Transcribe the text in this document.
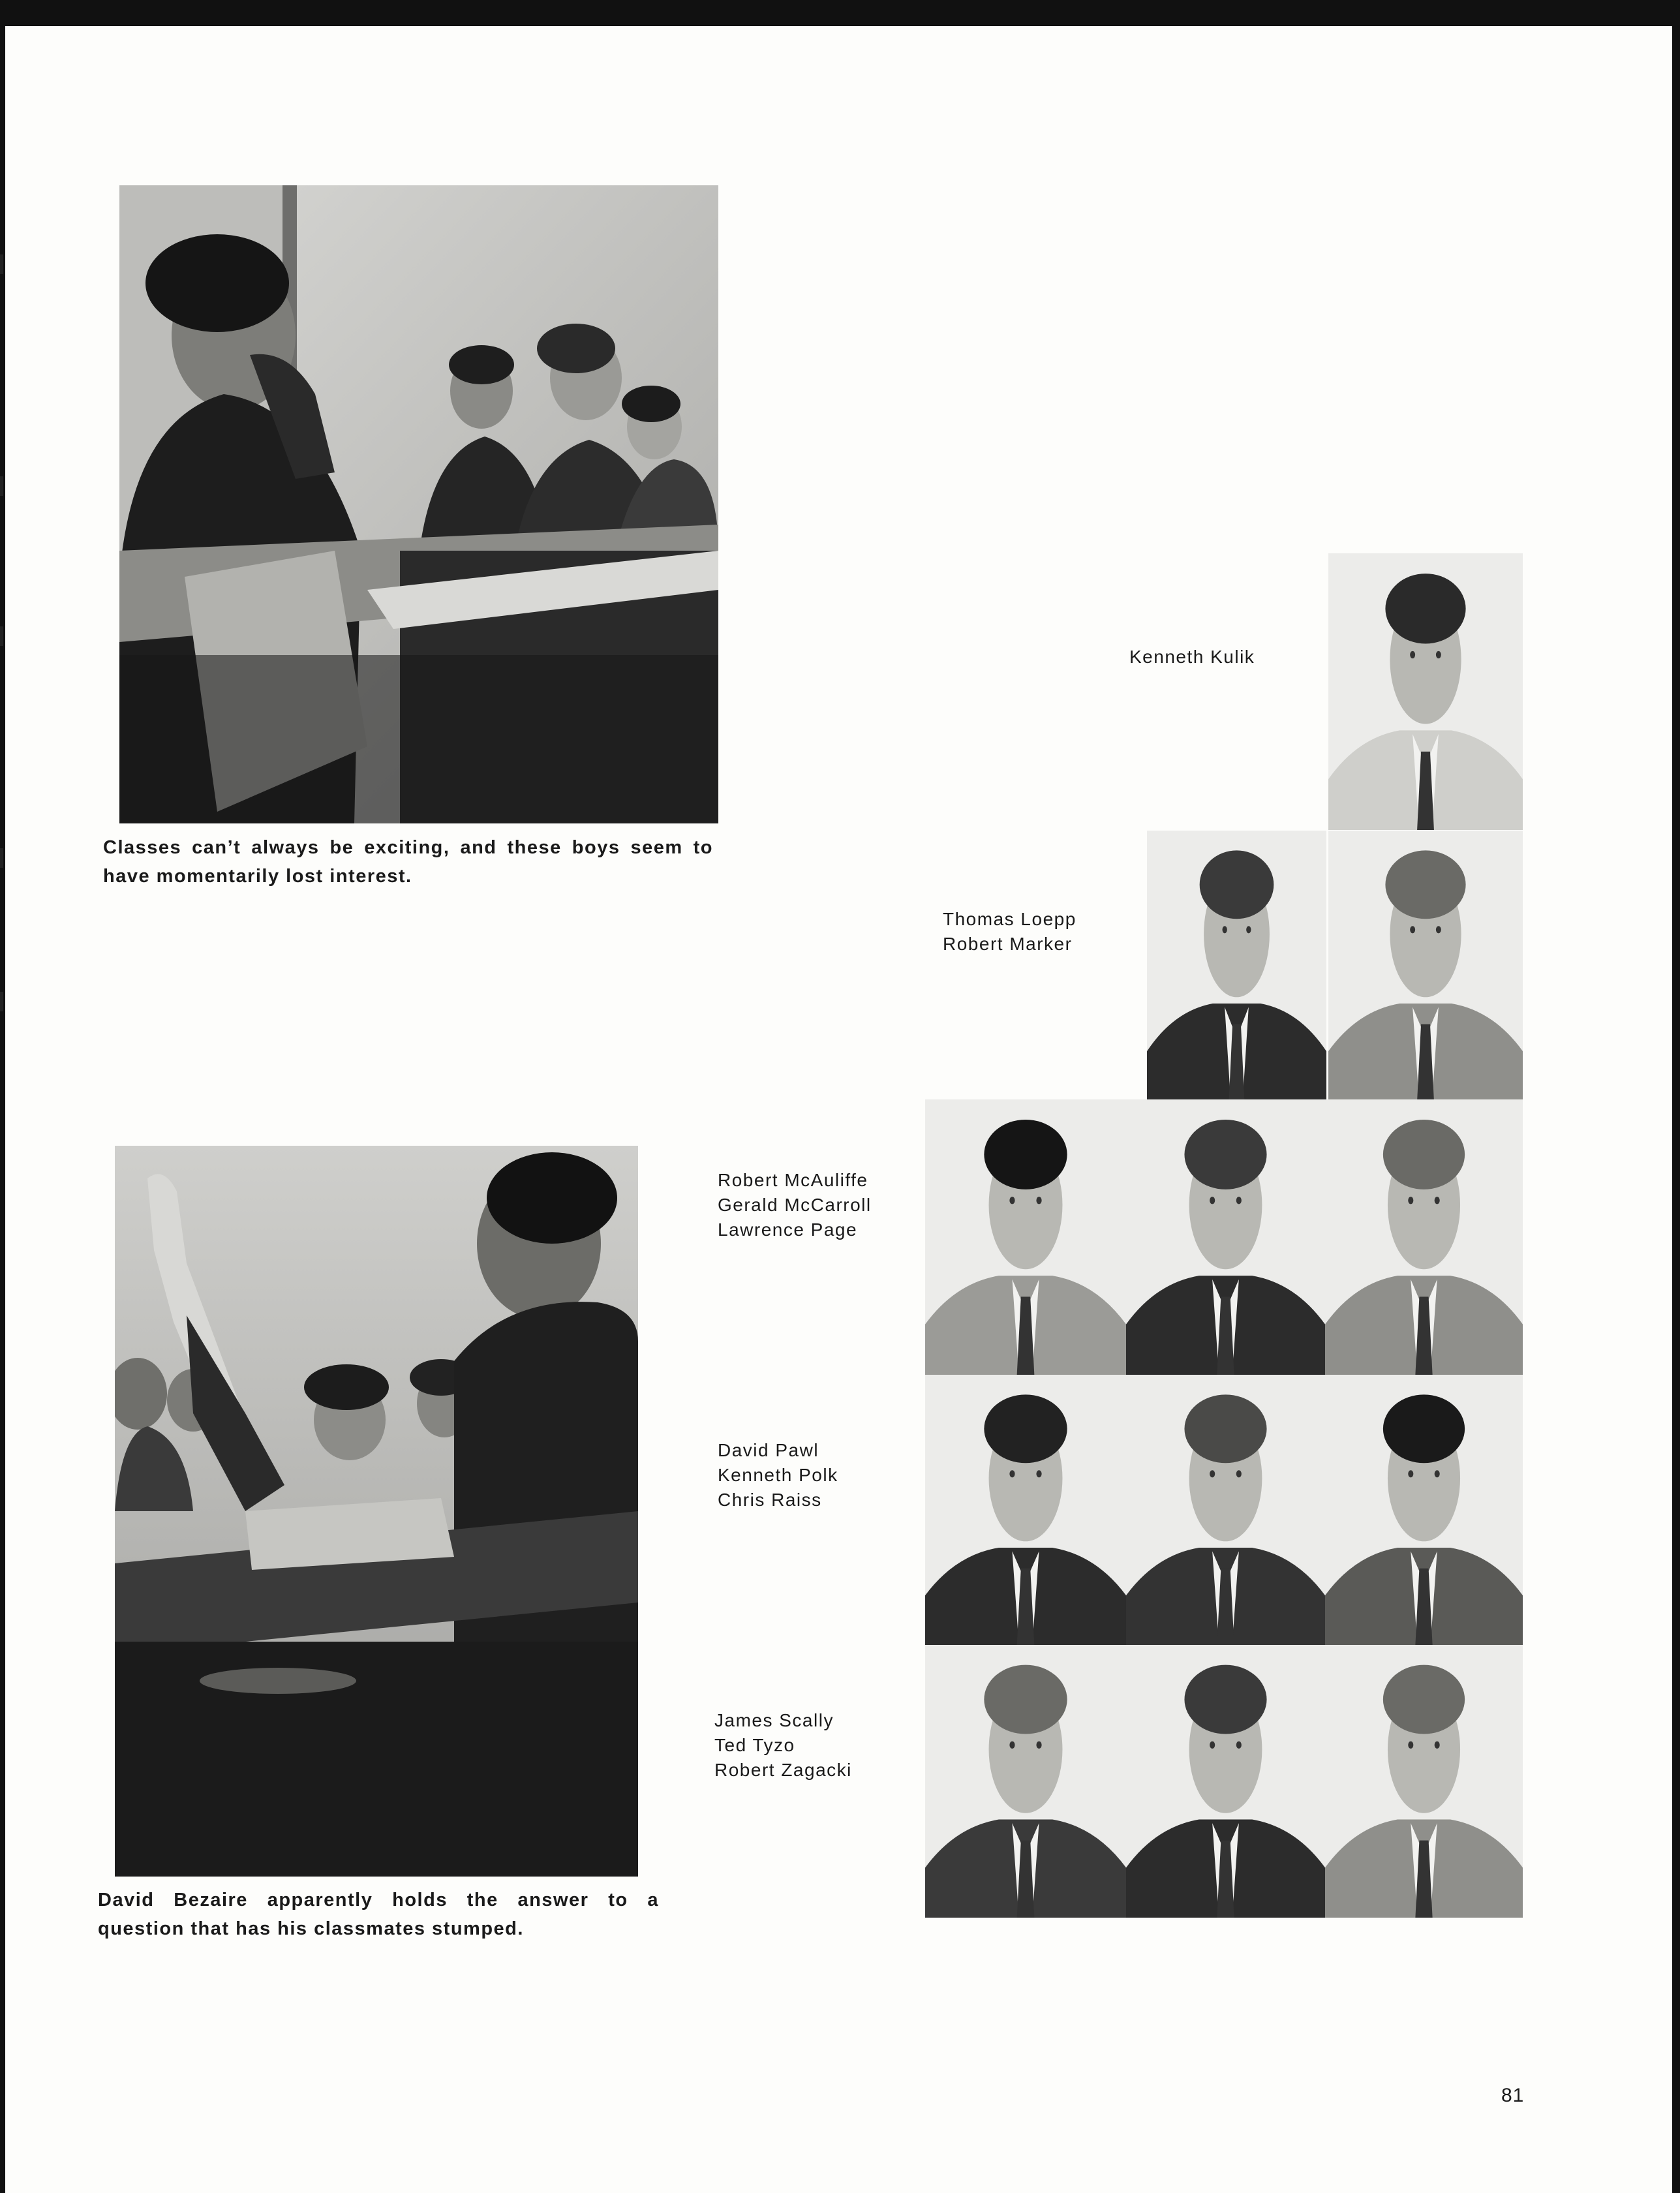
Classes can’t always be exciting, and these boys seem to have momentarily lost interest.
David Bezaire apparently holds the answer to a question that has his classmates stumped.
Kenneth Kulik
Thomas Loepp
Robert Marker
Robert McAuliffe
Gerald McCarroll
Lawrence Page
David Pawl
Kenneth Polk
Chris Raiss
James Scally
Ted Tyzo
Robert Zagacki
81
